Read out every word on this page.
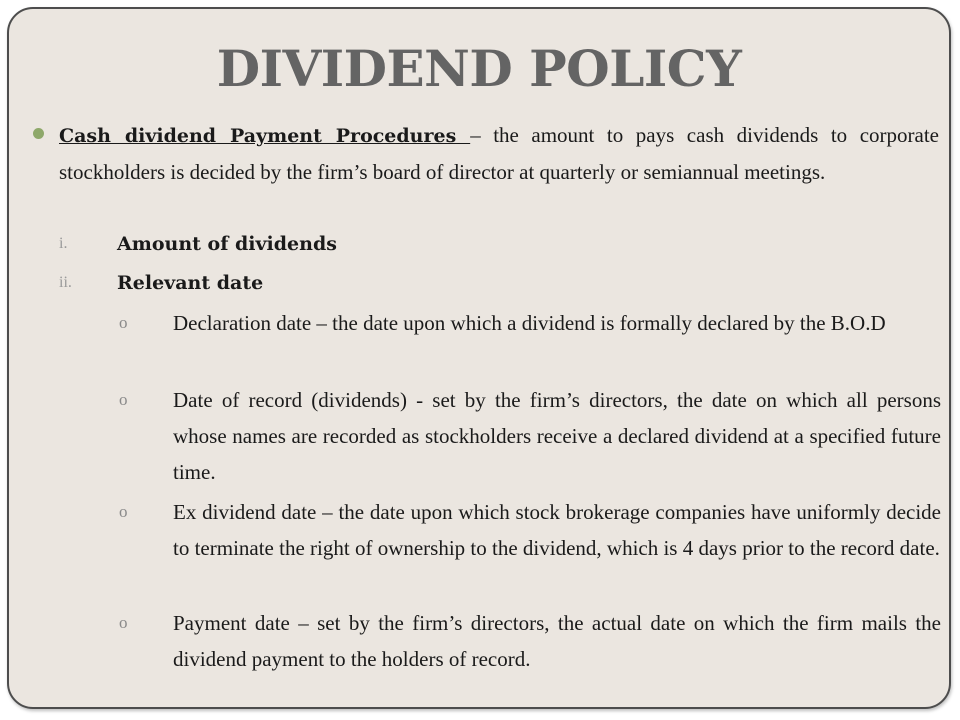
DIVIDEND POLICY
Cash dividend Payment Procedures – the amount to pays cash dividends to corporate stockholders is decided by the firm’s board of director at quarterly or semiannual meetings.
i.	Amount of dividends
ii.	Relevant date
o Declaration date – the date upon which a dividend is formally declared by the B.O.D
o Date of record (dividends) - set by the firm’s directors, the date on which all persons whose names are recorded as stockholders receive a declared dividend at a specified future time.
o Ex dividend date – the date upon which stock brokerage companies have uniformly decide to terminate the right of ownership to the dividend, which is 4 days prior to the record date.
o Payment date – set by the firm’s directors, the actual date on which the firm mails the dividend payment to the holders of record.
